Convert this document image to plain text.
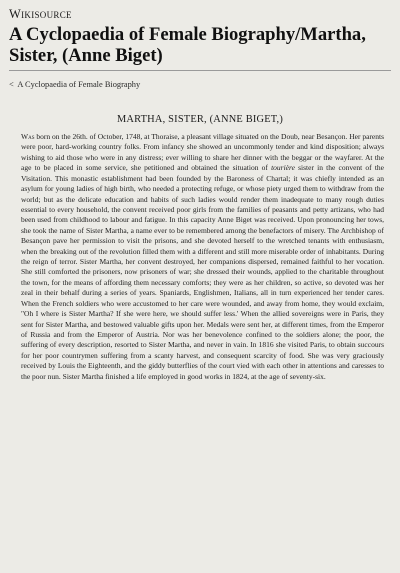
Wikisource
A Cyclopaedia of Female Biography/Martha, Sister, (Anne Biget)
< A Cyclopaedia of Female Biography
MARTHA, SISTER, (ANNE BIGET,)

Was born on the 26th. of October, 1748, at Thoraise, a pleasant village situated on the Doub, near Besançon. Her parents were poor, hard-working country folks. From infancy she showed an uncommonly tender and kind disposition; always wishing to aid those who were in any distress; ever willing to share her dinner with the beggar or the wayfarer. At the age to be placed in some service, she petitioned and obtained the situation of tourière sister in the convent of the Visitation. This monastic establishment had been founded by the Baroness of Chartal; it was chiefly intended as an asylum for young ladies of high birth, who needed a protecting refuge, or whose piety urged them to withdraw from the world; but as the delicate education and habits of such ladies would render them inadequate to many rough duties essential to every household, the convent received poor girls from the families of peasants and petty artizans, who had been used from childhood to labour and fatigue. In this capacity Anne Biget was received. Upon pronouncing her tows, she took the name of Sister Martha, a name ever to be remembered among the benefactors of misery. The Archbishop of Besançon pave her permission to visit the prisons, and she devoted herself to the wretched tenants with enthusiasm, when the breaking out of the revolution filled them with a different and still more miserable order of inhabitants. During the reign of terror. Sister Martha, her convent destroyed, her companions dispersed, remained faithful to her vocation. She still comforted the prisoners, now prisoners of war; she dressed their wounds, applied to the charitable throughout the town, for the means of affording them necessary comforts; they were as her children, so active, so devoted was her zeal in their behalf during a series of years. Spaniards, Englishmen, Italians, all in turn experienced her tender cares. When the French soldiers who were accustomed to her care were wounded, and away from home, they would exclaim, "Oh I where is Sister Martha? If she were here, we should suffer less.' When the allied sovereigns were in Paris, they sent for Sister Martha, and bestowed valuable gifts upon her. Medals were sent her, at different times, from the Emperor of Russia and from the Emperor of Austria. Nor was her benevolence confined to the soldiers alone; the poor, the suffering of every description, resorted to Sister Martha, and never in vain. In 1816 she visited Paris, to obtain succours for her poor countrymen suffering from a scanty harvest, and consequent scarcity of food. She was very graciously received by Louis the Eighteenth, and the giddy butterflies of the court vied with each other in attentions and caresses to the poor nun. Sister Martha finished a life employed in good works in 1824, at the age of seventy-six.
